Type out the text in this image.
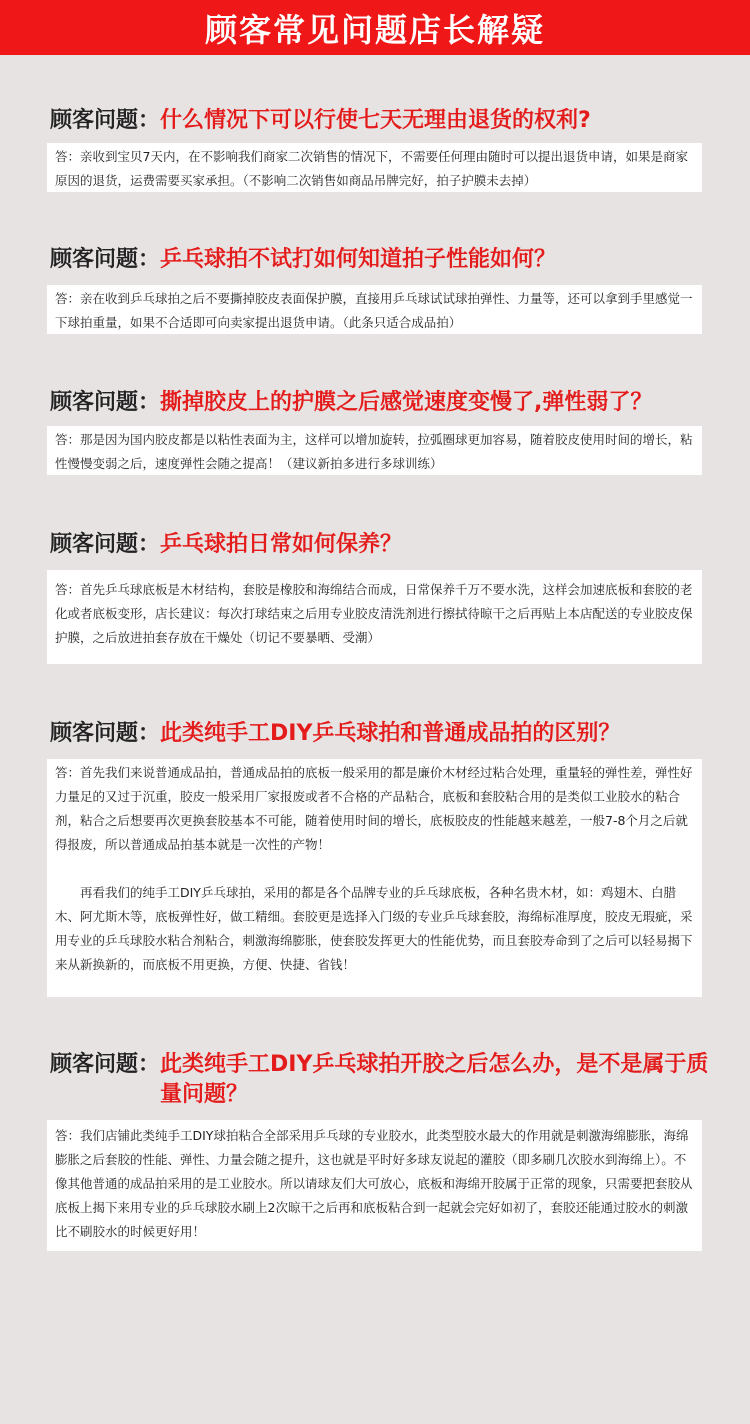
顾客常见问题店长解疑
顾客问题： 什么情况下可以行使七天无理由退货的权利?

答：亲收到宝贝7天内，在不影响我们商家二次销售的情况下，不需要任何理由随时可以提出退货申请，如果是商家原因的退货，运费需要买家承担。（不影响二次销售如商品吊牌完好，拍子护膜未去掉）

顾客问题： 乒乓球拍不试打如何知道拍子性能如何？

答：亲在收到乒乓球拍之后不要撕掉胶皮表面保护膜，直接用乒乓球试试球拍弹性、力量等，还可以拿到手里感觉一下球拍重量，如果不合适即可向卖家提出退货申请。（此条只适合成品拍）

顾客问题： 撕掉胶皮上的护膜之后感觉速度变慢了,弹性弱了？

答：那是因为国内胶皮都是以粘性表面为主，这样可以增加旋转，拉弧圈球更加容易，随着胶皮使用时间的增长，粘性慢慢变弱之后，速度弹性会随之提高！（建议新拍多进行多球训练）

顾客问题： 乒乓球拍日常如何保养？

答：首先乒乓球底板是木材结构，套胶是橡胶和海绵结合而成，日常保养千万不要水洗，这样会加速底板和套胶的老化或者底板变形，店长建议：每次打球结束之后用专业胶皮清洗剂进行擦拭待晾干之后再贴上本店配送的专业胶皮保护膜，之后放进拍套存放在干燥处（切记不要暴晒、受潮）

顾客问题： 此类纯手工DIY乒乓球拍和普通成品拍的区别？

答：首先我们来说普通成品拍，普通成品拍的底板一般采用的都是廉价木材经过粘合处理，重量轻的弹性差，弹性好力量足的又过于沉重，胶皮一般采用厂家报废或者不合格的产品粘合，底板和套胶粘合用的是类似工业胶水的粘合剂，粘合之后想要再次更换套胶基本不可能，随着使用时间的增长，底板胶皮的性能越来越差，一般7-8个月之后就得报废，所以普通成品拍基本就是一次性的产物！

再看我们的纯手工DIY乒乓球拍，采用的都是各个品牌专业的乒乓球底板，各种名贵木材，如：鸡翅木、白腊木、阿尤斯木等，底板弹性好，做工精细。套胶更是选择入门级的专业乒乓球套胶，海绵标准厚度，胶皮无瑕疵，采用专业的乒乓球胶水粘合剂粘合，刺激海绵膨胀，使套胶发挥更大的性能优势，而且套胶寿命到了之后可以轻易揭下来从新换新的，而底板不用更换，方便、快捷、省钱！

顾客问题： 此类纯手工DIY乒乓球拍开胶之后怎么办，是不是属于质量问题？

答：我们店铺此类纯手工DIY球拍粘合全部采用乒乓球的专业胶水，此类型胶水最大的作用就是刺激海绵膨胀，海绵膨胀之后套胶的性能、弹性、力量会随之提升，这也就是平时好多球友说起的灌胶（即多刷几次胶水到海绵上）。不像其他普通的成品拍采用的是工业胶水。所以请球友们大可放心，底板和海绵开胶属于正常的现象，只需要把套胶从底板上揭下来用专业的乒乓球胶水刷上2次晾干之后再和底板粘合到一起就会完好如初了，套胶还能通过胶水的刺激比不刷胶水的时候更好用！
